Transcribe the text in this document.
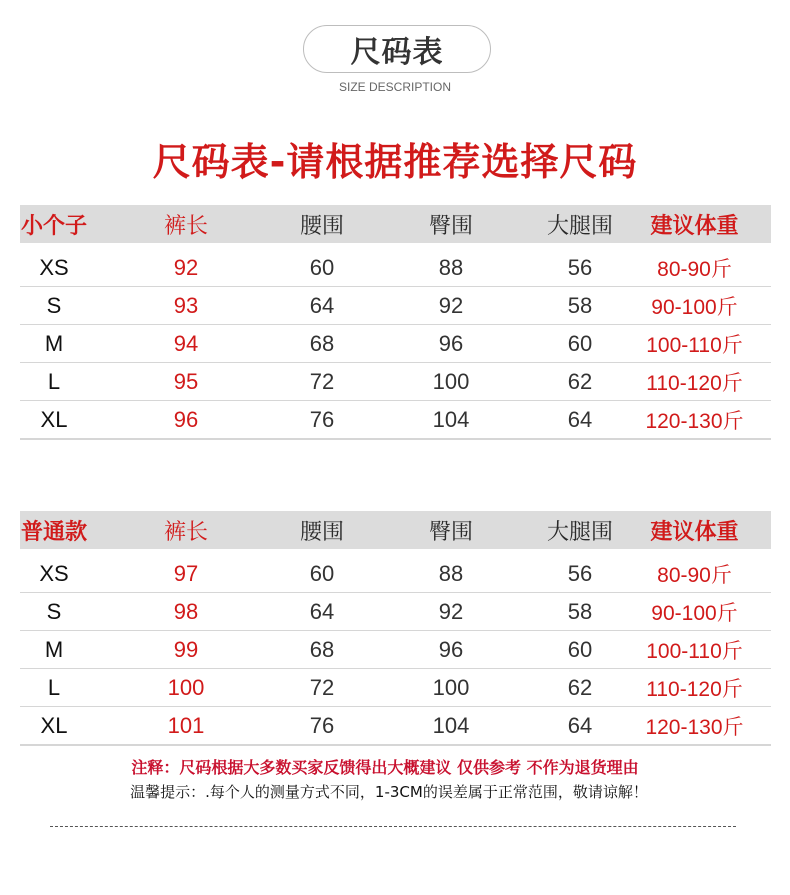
尺码表
SIZE DESCRIPTION
尺码表-请根据推荐选择尺码
小个子	裤长	腰围	臀围	大腿围	建议体重
XS	92	60	88	56	80-90斤
S	93	64	92	58	90-100斤
M	94	68	96	60	100-110斤
L	95	72	100	62	110-120斤
XL	96	76	104	64	120-130斤
普通款	裤长	腰围	臀围	大腿围	建议体重
XS	97	60	88	56	80-90斤
S	98	64	92	58	90-100斤
M	99	68	96	60	100-110斤
L	100	72	100	62	110-120斤
XL	101	76	104	64	120-130斤
注释：尺码根据大多数买家反馈得出大概建议 仅供参考 不作为退货理由
温馨提示：.每个人的测量方式不同，1-3CM的误差属于正常范围，敬请谅解！
